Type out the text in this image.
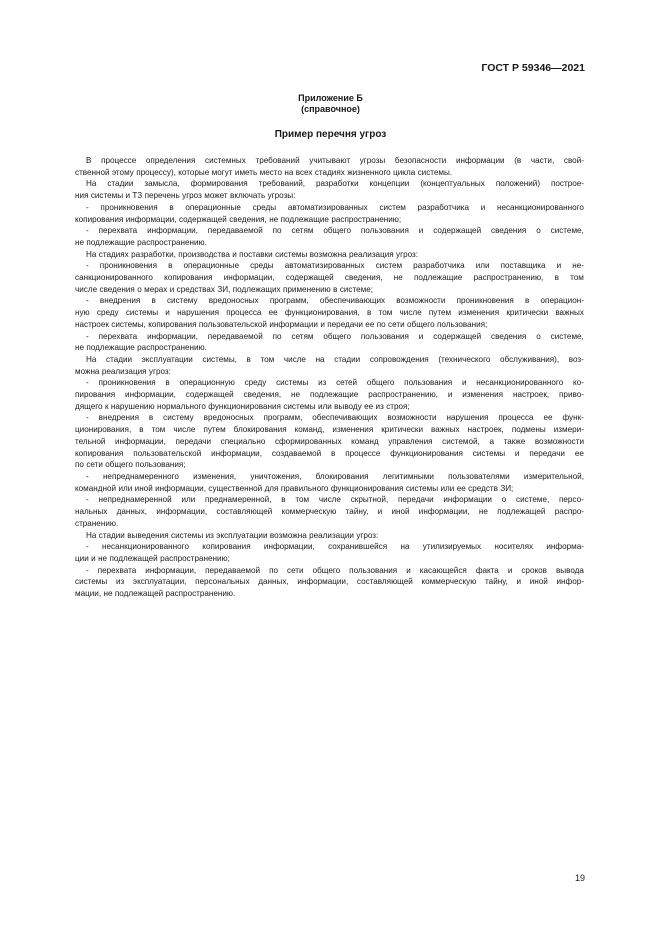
ГОСТ Р 59346—2021
Приложение Б
(справочное)
Пример перечня угроз
В процессе определения системных требований учитывают угрозы безопасности информации (в части, свой-
ственной этому процессу), которые могут иметь место на всех стадиях жизненного цикла системы.
На стадии замысла, формирования требований, разработки концепции (концептуальных положений) построе-
ния системы и ТЗ перечень угроз может включать угрозы:
- проникновения в операционные среды автоматизированных систем разработчика и несанкционированного
копирования информации, содержащей сведения, не подлежащие распространению;
- перехвата информации, передаваемой по сетям общего пользования и содержащей сведения о системе,
не подлежащие распространению.
На стадиях разработки, производства и поставки системы возможна реализация угроз:
- проникновения в операционные среды автоматизированных систем разработчика или поставщика и не-
санкционированного копирования информации, содержащей сведения, не подлежащие распространению, в том
числе сведения о мерах и средствах ЗИ, подлежащих применению в системе;
- внедрения в систему вредоносных программ, обеспечивающих возможности проникновения в операцион-
ную среду системы и нарушения процесса ее функционирования, в том числе путем изменения критически важных
настроек системы, копирования пользовательской информации и передачи ее по сети общего пользования;
- перехвата информации, передаваемой по сетям общего пользования и содержащей сведения о системе,
не подлежащие распространению.
На стадии эксплуатации системы, в том числе на стадии сопровождения (технического обслуживания), воз-
можна реализация угроз:
- проникновения в операционную среду системы из сетей общего пользования и несанкционированного ко-
пирования информации, содержащей сведения, не подлежащие распространению, и изменения настроек, приво-
дящего к нарушению нормального функционирования системы или выводу ее из строя;
- внедрения в систему вредоносных программ, обеспечивающих возможности нарушения процесса ее функ-
ционирования, в том числе путем блокирования команд, изменения критически важных настроек, подмены измери-
тельной информации, передачи специально сформированных команд управления системой, а также возможности
копирования пользовательской информации, создаваемой в процессе функционирования системы и передачи ее
по сети общего пользования;
- непреднамеренного изменения, уничтожения, блокирования легитимными пользователями измерительной,
командной или иной информации, существенной для правильного функционирования системы или ее средств ЗИ;
- непреднамеренной или преднамеренной, в том числе скрытной, передачи информации о системе, персо-
нальных данных, информации, составляющей коммерческую тайну, и иной информации, не подлежащей распро-
странению.
На стадии выведения системы из эксплуатации возможна реализации угроз:
- несанкционированного копирования информации, сохранившейся на утилизируемых носителях информа-
ции и не подлежащей распространению;
- перехвата информации, передаваемой по сети общего пользования и касающейся факта и сроков вывода
системы из эксплуатации, персональных данных, информации, составляющей коммерческую тайну, и иной инфор-
мации, не подлежащей распространению.
19
